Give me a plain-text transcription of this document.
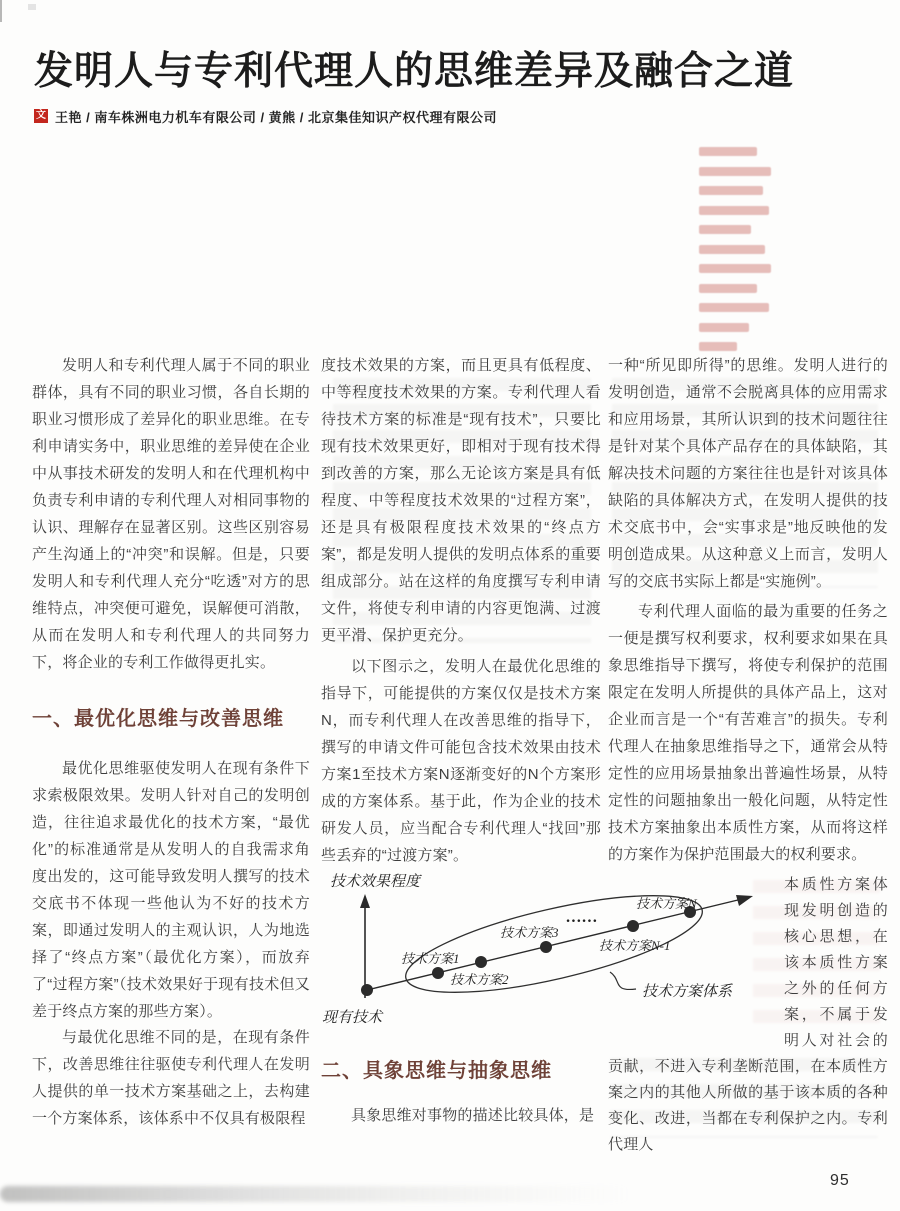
发明人与专利代理人的思维差异及融合之道
文 王艳 / 南车株洲电力机车有限公司 / 黄熊 / 北京集佳知识产权代理有限公司

发明人和专利代理人属于不同的职业群体，具有不同的职业习惯，各自长期的职业习惯形成了差异化的职业思维。在专利申请实务中，职业思维的差异使在企业中从事技术研发的发明人和在代理机构中负责专利申请的专利代理人对相同事物的认识、理解存在显著区别。这些区别容易产生沟通上的“冲突”和误解。但是，只要发明人和专利代理人充分“吃透”对方的思维特点，冲突便可避免，误解便可消散，从而在发明人和专利代理人的共同努力下，将企业的专利工作做得更扎实。

一、最优化思维与改善思维

最优化思维驱使发明人在现有条件下求索极限效果。发明人针对自己的发明创造，往往追求最优化的技术方案，“最优化”的标准通常是从发明人的自我需求角度出发的，这可能导致发明人撰写的技术交底书不体现一些他认为不好的技术方案，即通过发明人的主观认识，人为地选择了“终点方案”（最优化方案），而放弃了“过程方案”（技术效果好于现有技术但又差于终点方案的那些方案）。

与最优化思维不同的是，在现有条件下，改善思维往往驱使专利代理人在发明人提供的单一技术方案基础之上，去构建一个方案体系，该体系中不仅具有极限程

度技术效果的方案，而且更具有低程度、中等程度技术效果的方案。专利代理人看待技术方案的标准是“现有技术”，只要比现有技术效果更好，即相对于现有技术得到改善的方案，那么无论该方案是具有低程度、中等程度技术效果的“过程方案”，还是具有极限程度技术效果的“终点方案”，都是发明人提供的发明点体系的重要组成部分。站在这样的角度撰写专利申请文件，将使专利申请的内容更饱满、过渡更平滑、保护更充分。

以下图示之，发明人在最优化思维的指导下，可能提供的方案仅仅是技术方案N，而专利代理人在改善思维的指导下，撰写的申请文件可能包含技术效果由技术方案1至技术方案N逐渐变好的N个方案形成的方案体系。基于此，作为企业的技术研发人员，应当配合专利代理人“找回”那些丢弃的“过渡方案”。

二、具象思维与抽象思维

具象思维对事物的描述比较具体，是

一种“所见即所得”的思维。发明人进行的发明创造，通常不会脱离具体的应用需求和应用场景，其所认识到的技术问题往往是针对某个具体产品存在的具体缺陷，其解决技术问题的方案往往也是针对该具体缺陷的具体解决方式，在发明人提供的技术交底书中，会“实事求是”地反映他的发明创造成果。从这种意义上而言，发明人写的交底书实际上都是“实施例”。

专利代理人面临的最为重要的任务之一便是撰写权利要求，权利要求如果在具象思维指导下撰写，将使专利保护的范围限定在发明人所提供的具体产品上，这对企业而言是一个“有苦难言”的损失。专利代理人在抽象思维指导之下，通常会从特定性的应用场景抽象出普遍性场景，从特定性的问题抽象出一般化问题，从特定性技术方案抽象出本质性方案，从而将这样的方案作为保护范围最大的权利要求。

本质性方案体现发明创造的核心思想，在该本质性方案之外的任何方案，不属于发明人对社会的贡献，不进入专利垄断范围，在本质性方案之内的其他人所做的基于该本质的各种变化、改进，当都在专利保护之内。专利代理人
技术效果程度
现有技术
技术方案1
技术方案2
技术方案3
……
技术方案N-1
技术方案N
技术方案体系
95
